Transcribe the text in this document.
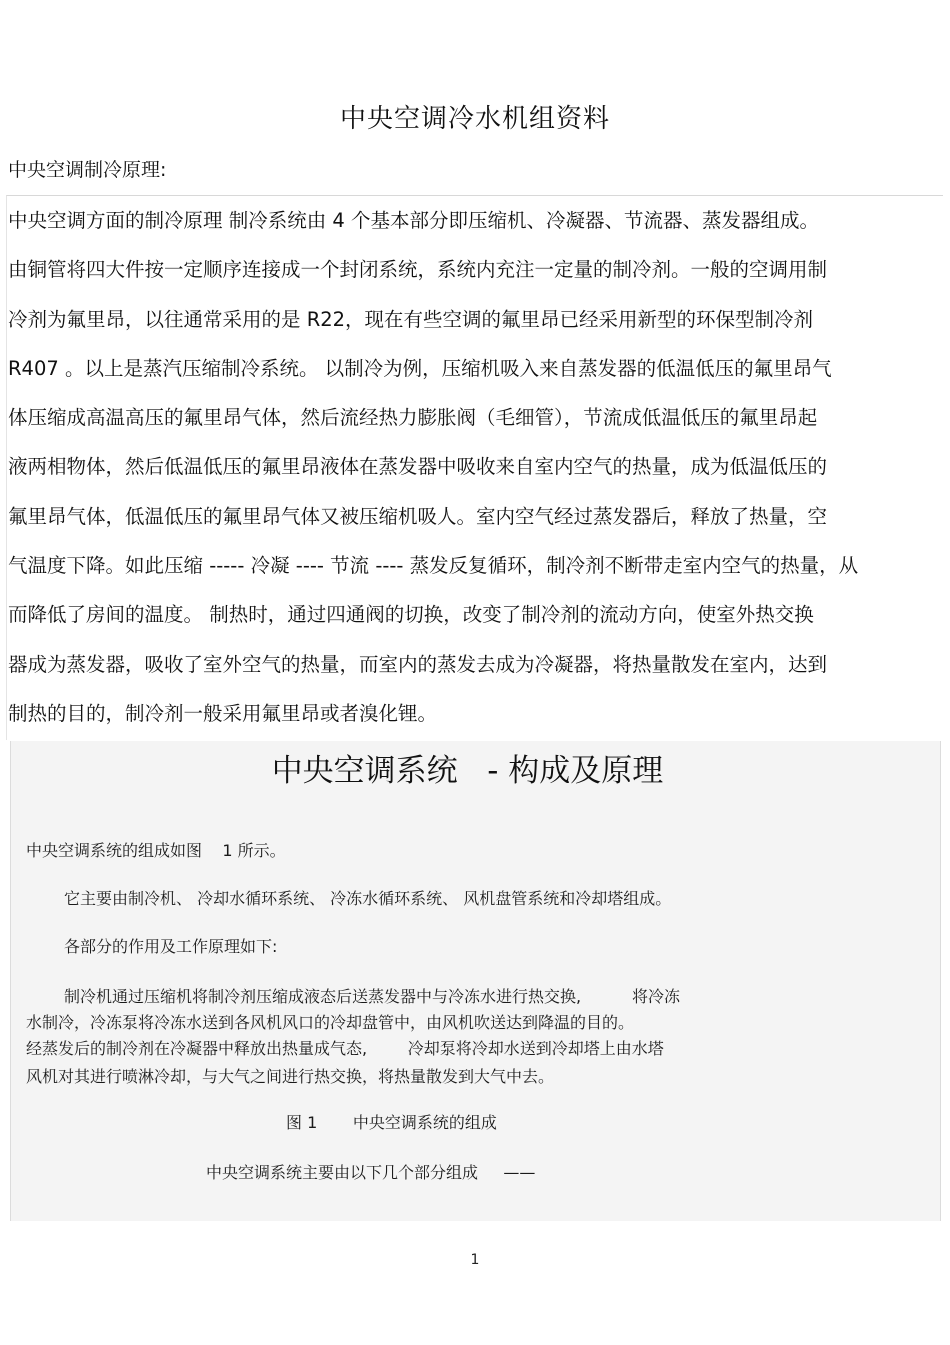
中央空调冷水机组资料
中央空调制冷原理:
中央空调方面的制冷原理 制冷系统由 4 个基本部分即压缩机、冷凝器、节流器、蒸发器组成。
由铜管将四大件按一定顺序连接成一个封闭系统，系统内充注一定量的制冷剂。一般的空调用制
冷剂为氟里昂，以往通常采用的是 R22，现在有些空调的氟里昂已经采用新型的环保型制冷剂
R407 。以上是蒸汽压缩制冷系统。 以制冷为例，压缩机吸入来自蒸发器的低温低压的氟里昂气
体压缩成高温高压的氟里昂气体，然后流经热力膨胀阀（毛细管），节流成低温低压的氟里昂起
液两相物体，然后低温低压的氟里昂液体在蒸发器中吸收来自室内空气的热量，成为低温低压的
氟里昂气体，低温低压的氟里昂气体又被压缩机吸人。室内空气经过蒸发器后，释放了热量，空
气温度下降。如此压缩 ----- 冷凝 ---- 节流 ---- 蒸发反复循环，制冷剂不断带走室内空气的热量，从
而降低了房间的温度。 制热时，通过四通阀的切换，改变了制冷剂的流动方向，使室外热交换
器成为蒸发器，吸收了室外空气的热量，而室内的蒸发去成为冷凝器，将热量散发在室内，达到
制热的目的，制冷剂一般采用氟里昂或者溴化锂。
中央空调系统   - 构成及原理
中央空调系统的组成如图    1 所示。
它主要由制冷机、 冷却水循环系统、 冷冻水循环系统、 风机盘管系统和冷却塔组成。
各部分的作用及工作原理如下:
制冷机通过压缩机将制冷剂压缩成液态后送蒸发器中与冷冻水进行热交换,          将冷冻
水制冷，冷冻泵将冷冻水送到各风机风口的冷却盘管中，由风机吹送达到降温的目的。
经蒸发后的制冷剂在冷凝器中释放出热量成气态,        冷却泵将冷却水送到冷却塔上由水塔
风机对其进行喷淋冷却，与大气之间进行热交换，将热量散发到大气中去。
图 1       中央空调系统的组成
中央空调系统主要由以下几个部分组成     ——
1
